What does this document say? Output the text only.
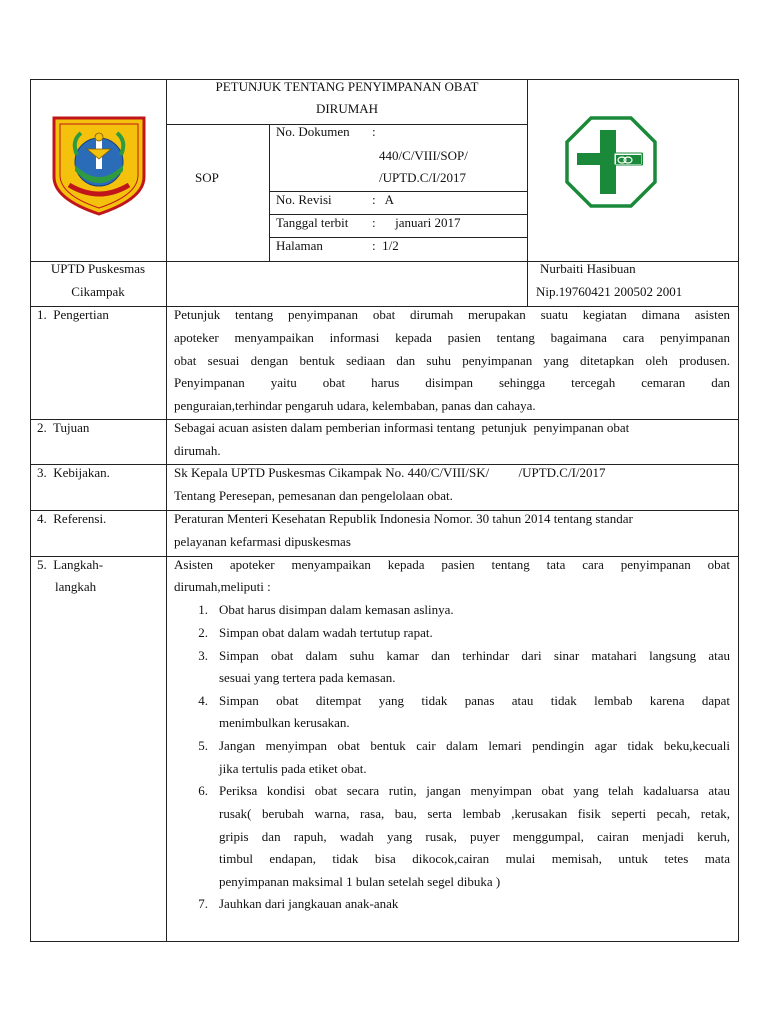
PETUNJUK TENTANG PENYIMPANAN OBAT
DIRUMAH
SOP
No. Dokumen :
440/C/VIII/SOP/
/UPTD.C/I/2017
No. Revisi	:   A
Tanggal terbit :      januari 2017
Halaman	:  1/2
UPTD Puskesmas
Cikampak
Nurbaiti Hasibuan
Nip.19760421 200502 2001
1.  Pengertian	Petunjuk tentang penyimpanan obat dirumah merupakan suatu kegiatan dimana asisten
apoteker menyampaikan informasi kepada pasien tentang bagaimana cara penyimpanan
obat sesuai dengan bentuk sediaan dan suhu penyimpanan yang ditetapkan oleh produsen.
Penyimpanan yaitu obat harus disimpan sehingga tercegah cemaran dan
penguraian,terhindar pengaruh udara, kelembaban, panas dan cahaya.
2.  Tujuan	Sebagai acuan asisten dalam pemberian informasi tentang  petunjuk  penyimpanan obat
dirumah.
3.  Kebijakan.	Sk Kepala UPTD Puskesmas Cikampak No. 440/C/VIII/SK/         /UPTD.C/I/2017
Tentang Peresepan, pemesanan dan pengelolaan obat.
4.  Referensi.	Peraturan Menteri Kesehatan Republik Indonesia Nomor. 30 tahun 2014 tentang standar
pelayanan kefarmasi dipuskesmas
5.  Langkah-
langkah
Asisten apoteker menyampaikan kepada pasien tentang tata cara penyimpanan obat
dirumah,meliputi :
1. Obat harus disimpan dalam kemasan aslinya.
2. Simpan obat dalam wadah tertutup rapat.
3. Simpan obat dalam suhu kamar dan terhindar dari sinar matahari langsung atau
sesuai yang tertera pada kemasan.
4. Simpan obat ditempat yang tidak panas atau tidak lembab karena dapat
menimbulkan kerusakan.
5. Jangan menyimpan obat bentuk cair dalam lemari pendingin agar tidak beku,kecuali
jika tertulis pada etiket obat.
6. Periksa kondisi obat secara rutin, jangan menyimpan obat yang telah kadaluarsa atau
rusak( berubah warna, rasa, bau, serta lembab ,kerusakan fisik seperti pecah, retak,
gripis dan rapuh, wadah yang rusak, puyer menggumpal, cairan menjadi keruh,
timbul endapan, tidak bisa dikocok,cairan mulai memisah, untuk tetes mata
penyimpanan maksimal 1 bulan setelah segel dibuka )
7. Jauhkan dari jangkauan anak-anak
